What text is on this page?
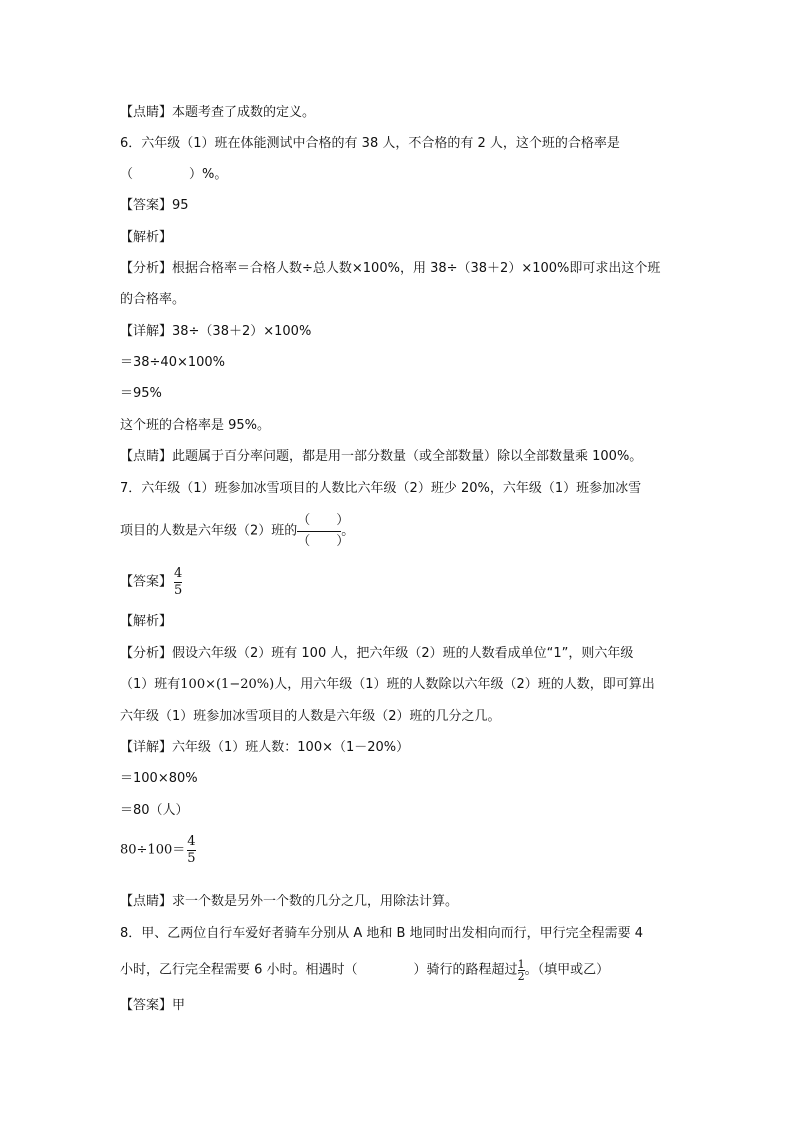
【点睛】本题考查了成数的定义。
6．六年级（1）班在体能测试中合格的有 38 人，不合格的有 2 人，这个班的合格率是
（	）%。
【答案】95
【解析】
【分析】根据合格率＝合格人数÷总人数×100%，用 38÷（38＋2）×100%即可求出这个班
的合格率。
【详解】38÷（38＋2）×100%
＝38÷40×100%
＝95%
这个班的合格率是 95%。
【点睛】此题属于百分率问题，都是用一部分数量（或全部数量）除以全部数量乘 100%。
7．六年级（1）班参加冰雪项目的人数比六年级（2）班少 20%，六年级（1）班参加冰雪
项目的人数是六年级（2）班的 $\frac{( )}{( )}$ 。
【答案】 $\frac{4}{5}$
【解析】
【分析】假设六年级（2）班有 100 人，把六年级（2）班的人数看成单位“1”，则六年级
（1）班有100×(1−20%)人，用六年级（1）班的人数除以六年级（2）班的人数，即可算出
六年级（1）班参加冰雪项目的人数是六年级（2）班的几分之几。
【详解】六年级（1）班人数：100×（1－20%）
＝100×80%
＝80（人）
$80\div 100= \frac{4}{5}$
【点睛】求一个数是另外一个数的几分之几，用除法计算。
8．甲、乙两位自行车爱好者骑车分别从 A 地和 B 地同时出发相向而行，甲行完全程需要 4
小时，乙行完全程需要 6 小时。相遇时（	）骑行的路程超过 $\frac{1}{2}$ 。（填甲或乙）
【答案】甲
